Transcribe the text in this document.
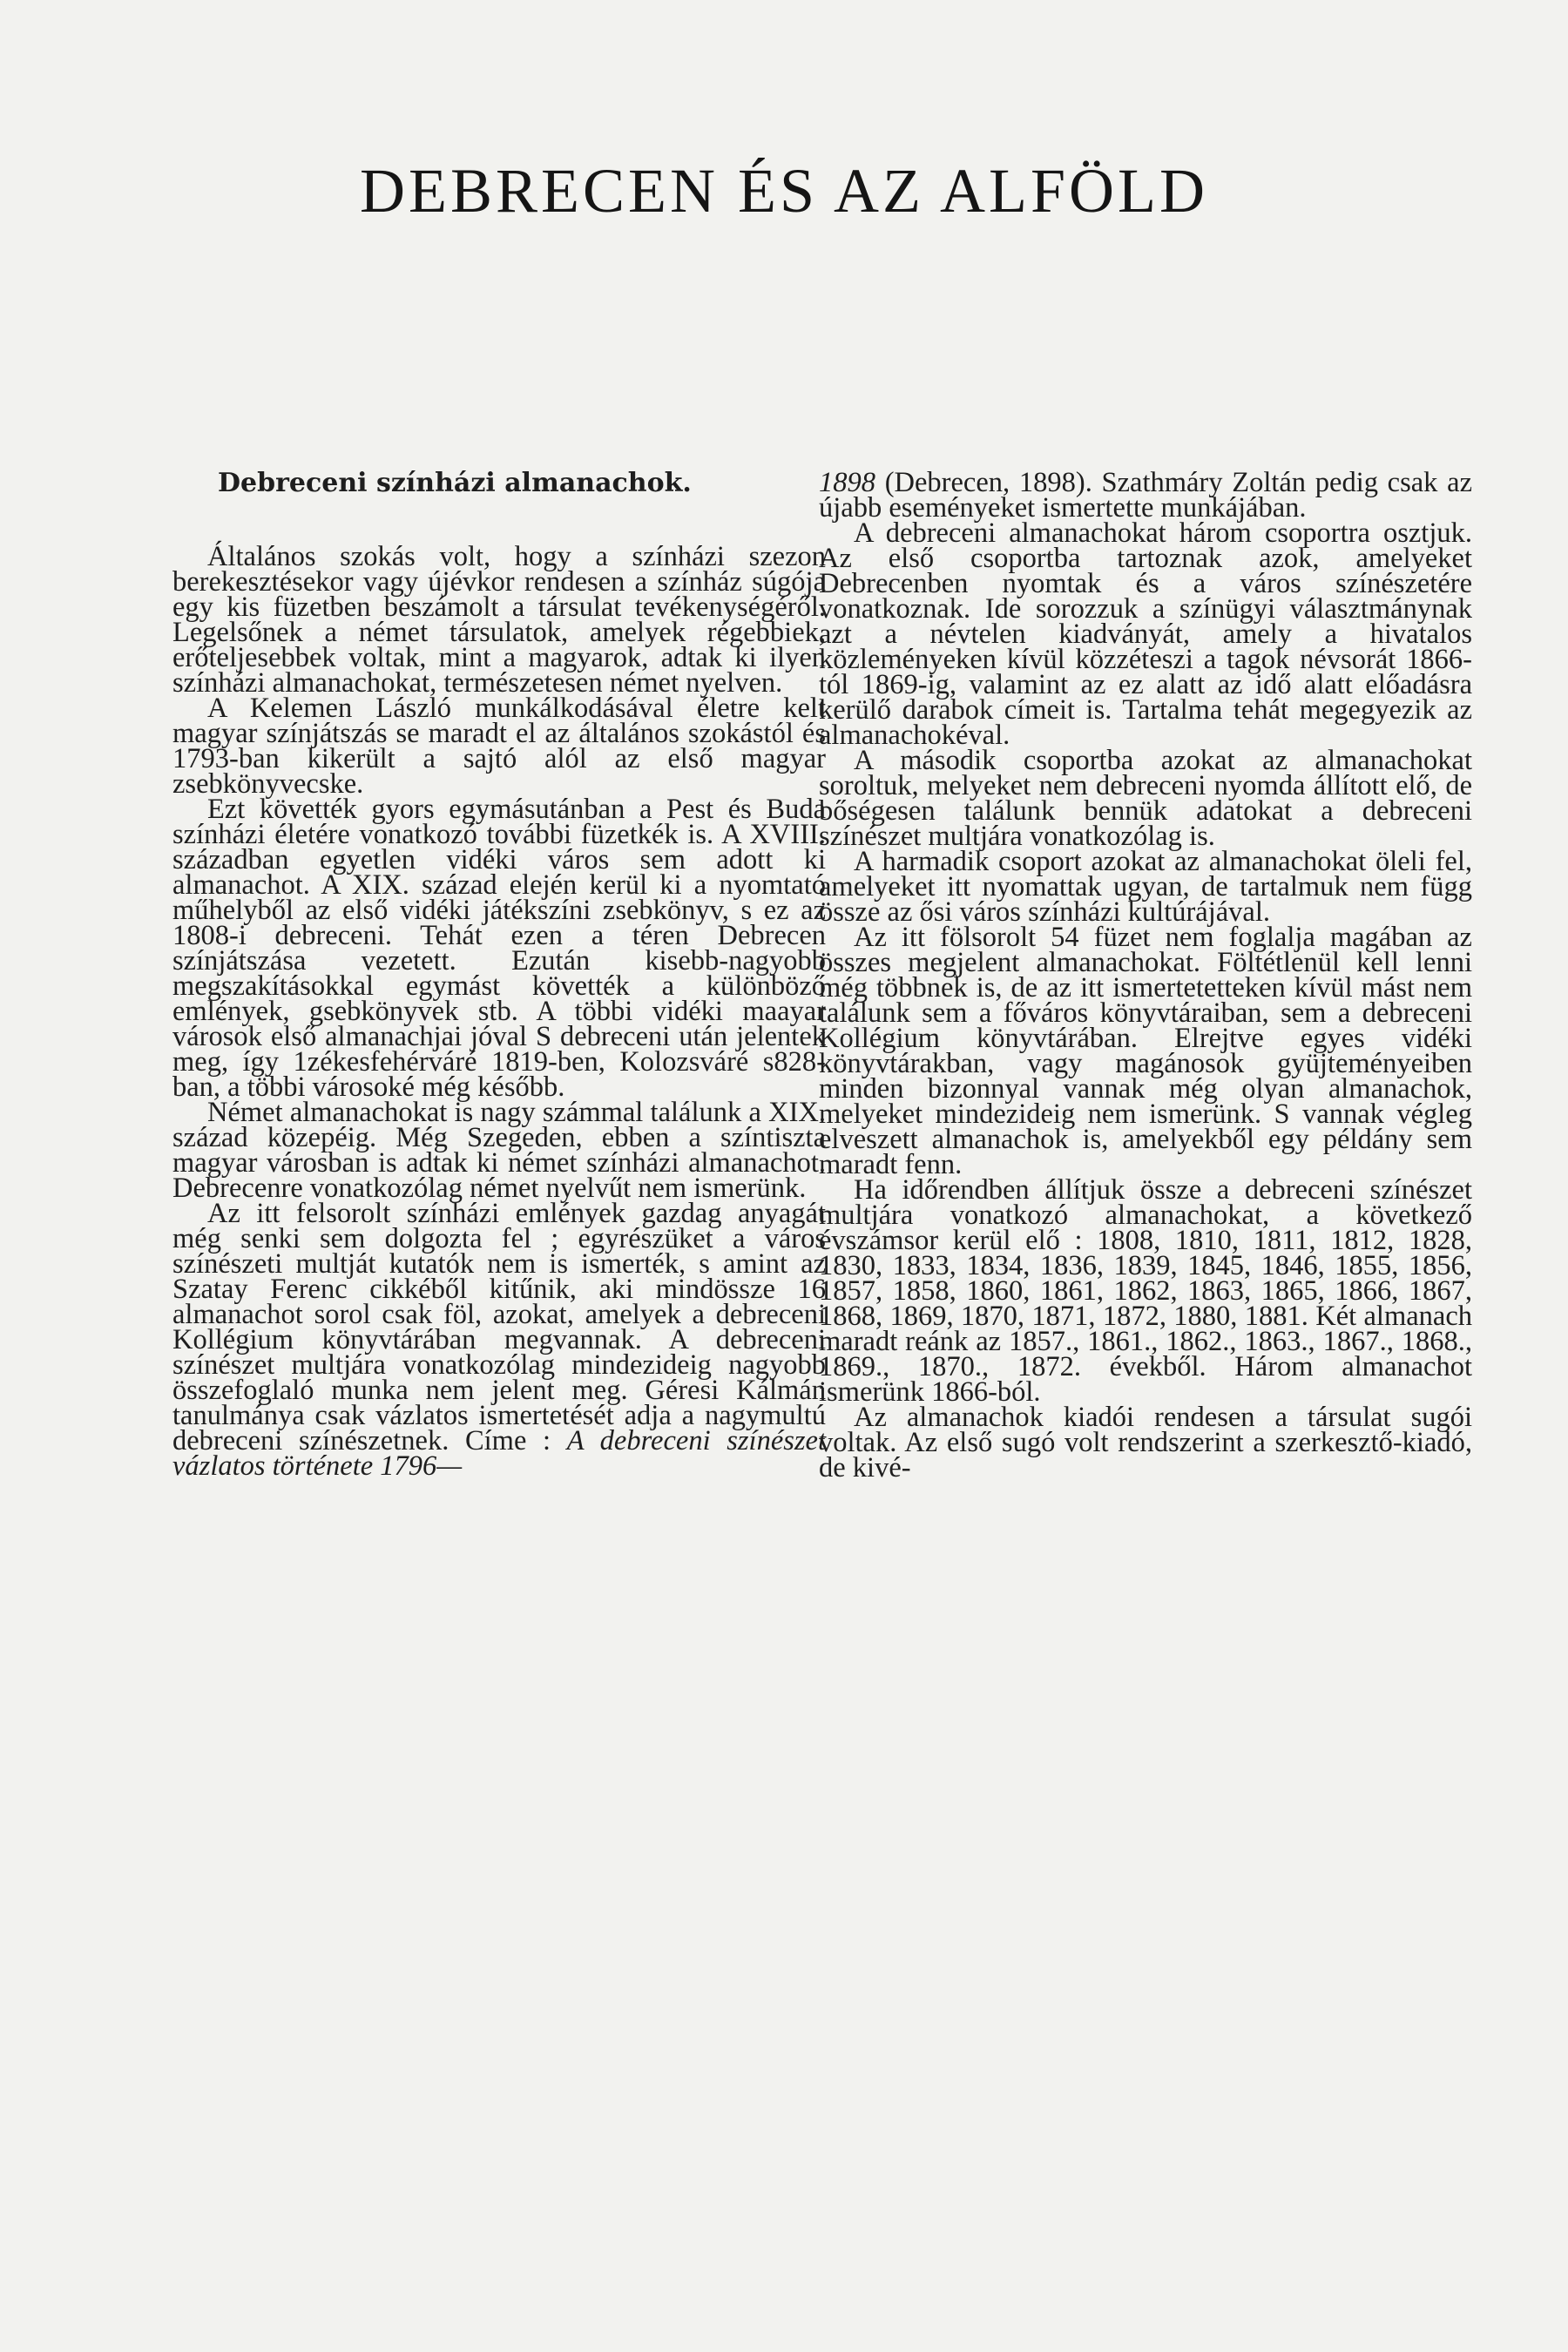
DEBRECEN ÉS AZ ALFÖLD
Debreceni színházi almanachok.

Általános szokás volt, hogy a színházi szezon berekesztésekor vagy újévkor rendesen a színház súgója egy kis füzetben beszámolt a társulat tevékenységéről. Legelsőnek a német társulatok, amelyek régebbiek, erőteljesebbek voltak, mint a magyarok, adtak ki ilyen színházi almanachokat, természetesen német nyelven.

A Kelemen László munkálkodásával életre kelt magyar színjátszás se maradt el az általános szokástól és 1793-ban kikerült a sajtó alól az első magyar zsebkönyvecske.

Ezt követték gyors egymásutánban a Pest és Buda színházi életére vonatkozó további füzetkék is. A XVIII. században egyetlen vidéki város sem adott ki almanachot. A XIX. század elején kerül ki a nyomtató műhelyből az első vidéki játékszíni zsebkönyv, s ez az 1808-i debreceni. Tehát ezen a téren Debrecen színjátszása vezetett. Ezután kisebb-nagyobb megszakításokkal egymást követték a különböző emlények, gsebkönyvek stb. A többi vidéki maayar városok első almanachjai jóval S debreceni után jelentek meg, így 1zékesfehérváré 1819-ben, Kolozsváré s828-ban, a többi városoké még később.

Német almanachokat is nagy számmal találunk a XIX. század közepéig. Még Szegeden, ebben a színtiszta magyar városban is adtak ki német színházi almanachot. Debrecenre vonatkozólag német nyelvűt nem ismerünk.

Az itt felsorolt színházi emlények gazdag anyagát még senki sem dolgozta fel ; egyrészüket a város színészeti multját kutatók nem is ismerték, s amint az Szatay Ferenc cikkéből kitűnik, aki mindössze 16 almanachot sorol csak föl, azokat, amelyek a debreceni Kollégium könyvtárában megvannak. A debreceni színészet multjára vonatkozólag mindezideig nagyobb összefoglaló munka nem jelent meg. Géresi Kálmán tanulmánya csak vázlatos ismertetését adja a nagymultú debreceni színészetnek. Címe : A debreceni színészet vázlatos története 1796—

1898 (Debrecen, 1898). Szathmáry Zoltán pedig csak az újabb eseményeket ismertette munkájában.

A debreceni almanachokat három csoportra osztjuk. Az első csoportba tartoznak azok, amelyeket Debrecenben nyomtak és a város színészetére vonatkoznak. Ide sorozzuk a színügyi választmánynak azt a névtelen kiadványát, amely a hivatalos közleményeken kívül közzéteszi a tagok névsorát 1866-tól 1869-ig, valamint az ez alatt az idő alatt előadásra kerülő darabok címeit is. Tartalma tehát megegyezik az almanachokéval.

A második csoportba azokat az almanachokat soroltuk, melyeket nem debreceni nyomda állított elő, de bőségesen találunk bennük adatokat a debreceni színészet multjára vonatkozólag is.

A harmadik csoport azokat az almanachokat öleli fel, amelyeket itt nyomattak ugyan, de tartalmuk nem függ össze az ősi város színházi kultúrájával.

Az itt fölsorolt 54 füzet nem foglalja magában az összes megjelent almanachokat. Föltétlenül kell lenni még többnek is, de az itt ismertetetteken kívül mást nem találunk sem a főváros könyvtáraiban, sem a debreceni Kollégium könyvtárában. Elrejtve egyes vidéki könyvtárakban, vagy magánosok gyüjteményeiben minden bizonnyal vannak még olyan almanachok, melyeket mindezideig nem ismerünk. S vannak végleg elveszett almanachok is, amelyekből egy példány sem maradt fenn.

Ha időrendben állítjuk össze a debreceni színészet multjára vonatkozó almanachokat, a következő évszámsor kerül elő : 1808, 1810, 1811, 1812, 1828, 1830, 1833, 1834, 1836, 1839, 1845, 1846, 1855, 1856, 1857, 1858, 1860, 1861, 1862, 1863, 1865, 1866, 1867, 1868, 1869, 1870, 1871, 1872, 1880, 1881. Két almanach maradt reánk az 1857., 1861., 1862., 1863., 1867., 1868., 1869., 1870., 1872. évekből. Három almanachot ismerünk 1866-ból.

Az almanachok kiadói rendesen a társulat sugói voltak. Az első sugó volt rendszerint a szerkesztő-kiadó, de kivé-
